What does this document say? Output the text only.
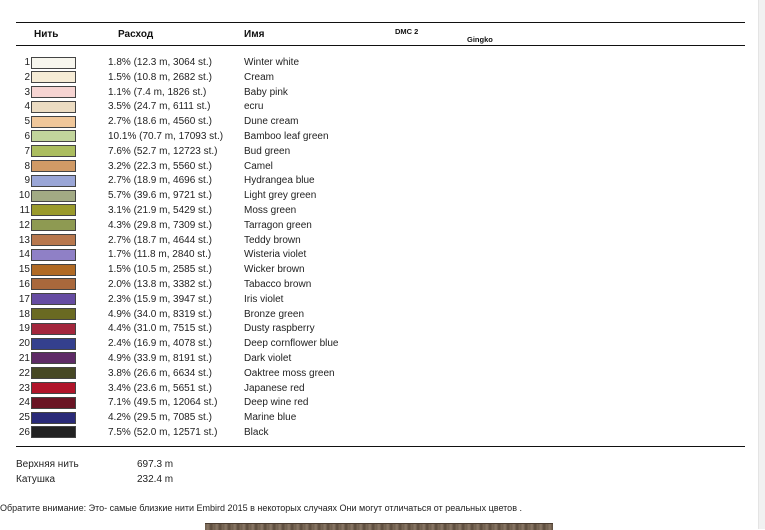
Нить	Расход	Имя	DMC 2
Gingko
1	1.8% (12.3 m, 3064 st.)	Winter white
2	1.5% (10.8 m, 2682 st.)	Cream
3	1.1% (7.4 m, 1826 st.)	Baby pink
4	3.5% (24.7 m, 6111 st.)	ecru
5	2.7% (18.6 m, 4560 st.)	Dune cream
6	10.1% (70.7 m, 17093 st.) Bamboo leaf green
7	7.6% (52.7 m, 12723 st.)	Bud green
8	3.2% (22.3 m, 5560 st.)	Camel
9	2.7% (18.9 m, 4696 st.)	Hydrangea blue
10	5.7% (39.6 m, 9721 st.)	Light grey green
11	3.1% (21.9 m, 5429 st.)	Moss green
12	4.3% (29.8 m, 7309 st.)	Tarragon green
13	2.7% (18.7 m, 4644 st.)	Teddy brown
14	1.7% (11.8 m, 2840 st.)	Wisteria violet
15	1.5% (10.5 m, 2585 st.)	Wicker brown
16	2.0% (13.8 m, 3382 st.)	Tabacco brown
17	2.3% (15.9 m, 3947 st.)	Iris violet
18	4.9% (34.0 m, 8319 st.)	Bronze green
19	4.4% (31.0 m, 7515 st.)	Dusty raspberry
20	2.4% (16.9 m, 4078 st.)	Deep cornflower blue
21	4.9% (33.9 m, 8191 st.)	Dark violet
22	3.8% (26.6 m, 6634 st.)	Oaktree moss green
23	3.4% (23.6 m, 5651 st.)	Japanese red
24	7.1% (49.5 m, 12064 st.)	Deep wine red
25	4.2% (29.5 m, 7085 st.)	Marine blue
26	7.5% (52.0 m, 12571 st.)	Black
Верхняя нить	697.3 m
Катушка	232.4 m
Обратите внимание: Это- самые близкие нити Embird 2015 в некоторых случаях Они могут отличаться от реальных цветов .
